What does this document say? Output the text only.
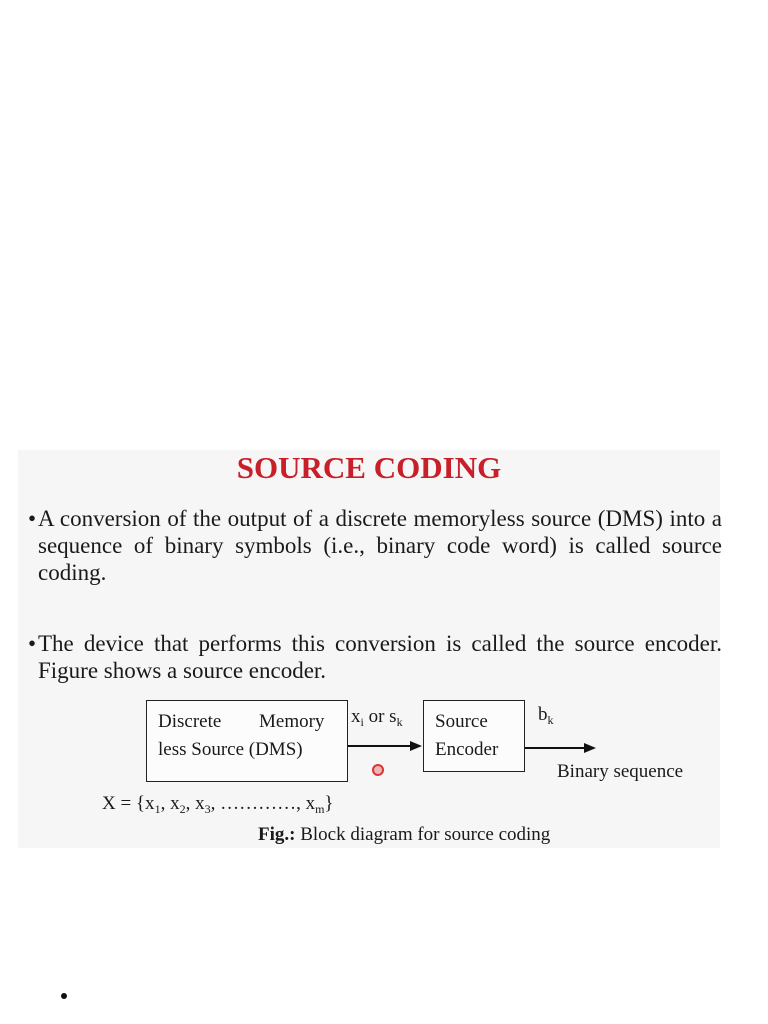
SOURCE CODING
• A conversion of the output of a discrete memoryless source (DMS) into a sequence of binary symbols (i.e., binary code word) is called source coding.
• The device that performs this conversion is called the source encoder. Figure shows a source encoder.
Discrete Memory
less Source (DMS)
$x_i$ or $s_k$ Source
Encoder
$b_k$
Binary sequence
$X = \{x_1$, $x_2$, $x_3$, …………, $x_m$}
Fig.: Block diagram for source coding
